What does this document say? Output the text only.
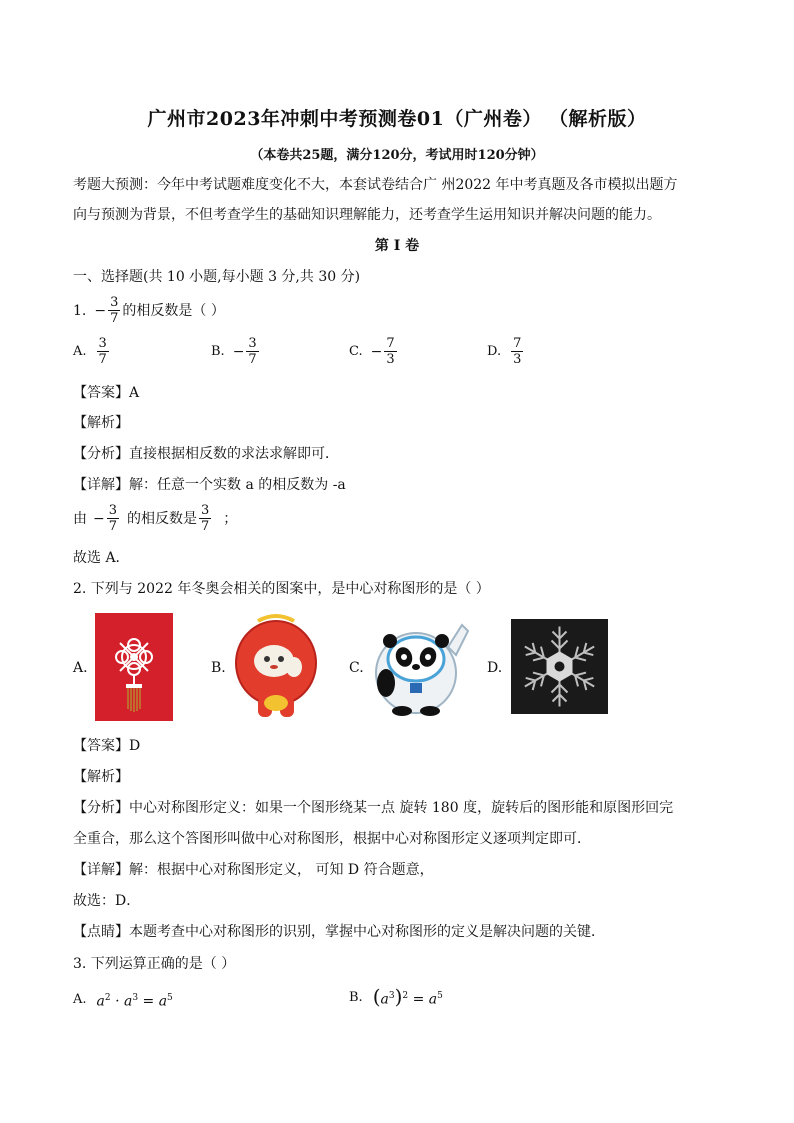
广州市2023年冲刺中考预测卷01（广州卷） （解析版）
（本卷共25题，满分120分，考试用时120分钟）
考题大预测：今年中考试题难度变化不大，本套试卷结合广 州2022 年中考真题及各市模拟出题方
向与预测为背景，不但考查学生的基础知识理解能力，还考查学生运用知识并解决问题的能力。
第 I 卷
一、选择题(共 10 小题,每小题 3 分,共 30 分)
1. − $\frac{3}{7}$ 的相反数是（ ）
A. $\frac{3}{7}$	B. − $\frac{3}{7}$	C. − $\frac{7}{3}$	D. $\frac{7}{3}$
【答案】A
【解析】
【分析】直接根据相反数的求法求解即可．
【详解】解：任意一个实数 a 的相反数为 -a
由 − $\frac{3}{7}$ 的相反数是 $\frac{3}{7}$ ；
故选 A．
2. 下列与 2022 年冬奥会相关的图案中，是中心对称图形的是（ ）
A.	B.	C.	D.
【答案】D
【解析】
【分析】中心对称图形定义：如果一个图形绕某一点 旋转 180 度，旋转后的图形能和原图形回完
全重合，那么这个答图形叫做中心对称图形，根据中心对称图形定义逐项判定即可．
【详解】解：根据中心对称图形定义， 可知 D 符合题意，
故选：D．
【点睛】本题考查中心对称图形的识别，掌握中心对称图形的定义是解决问题的关键．
3. 下列运算正确的是（ ）
A. $a^2 \cdot a^3 = a^5$	B. $(a^3)^2 = a^5$
